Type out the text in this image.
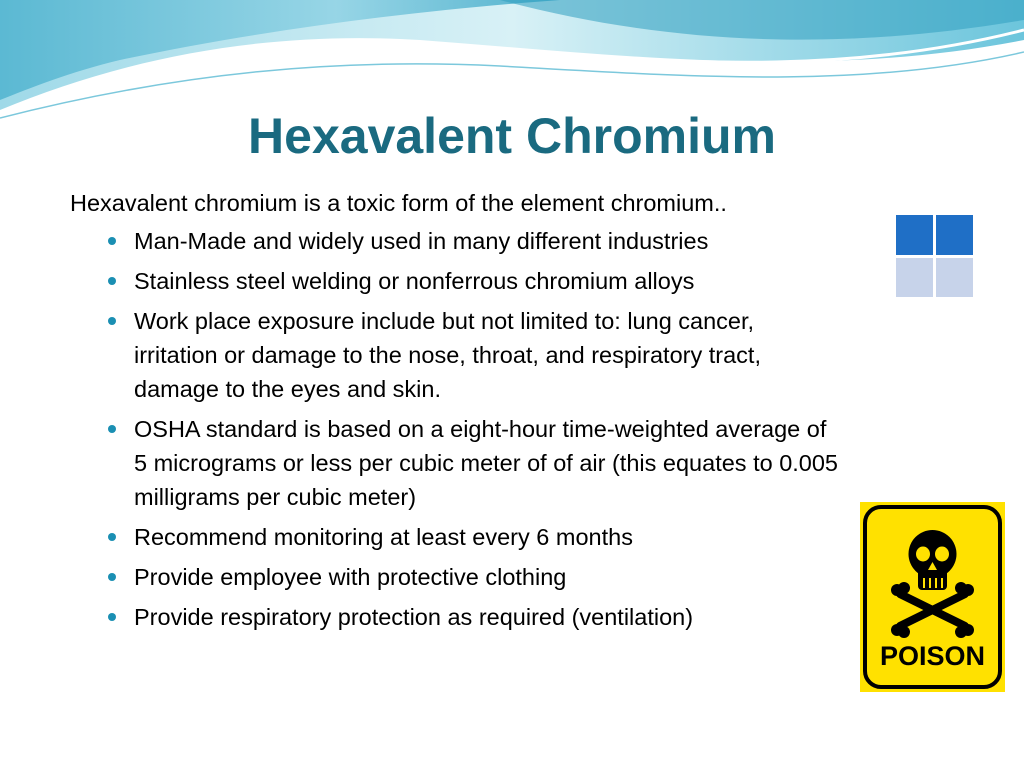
Hexavalent Chromium

Hexavalent chromium is a toxic form of the element chromium..

Man-Made and widely used in many different industries
Stainless steel welding or nonferrous chromium alloys
Work place exposure include but not limited to: lung cancer, irritation or damage to the nose, throat, and respiratory tract, damage to the eyes and skin.
OSHA standard is based on a eight-hour time-weighted average of 5 micrograms or less per cubic meter of of air (this equates to 0.005 milligrams per cubic meter)
Recommend monitoring at least every 6 months
Provide employee with protective clothing
Provide respiratory protection as required (ventilation)
POISON
